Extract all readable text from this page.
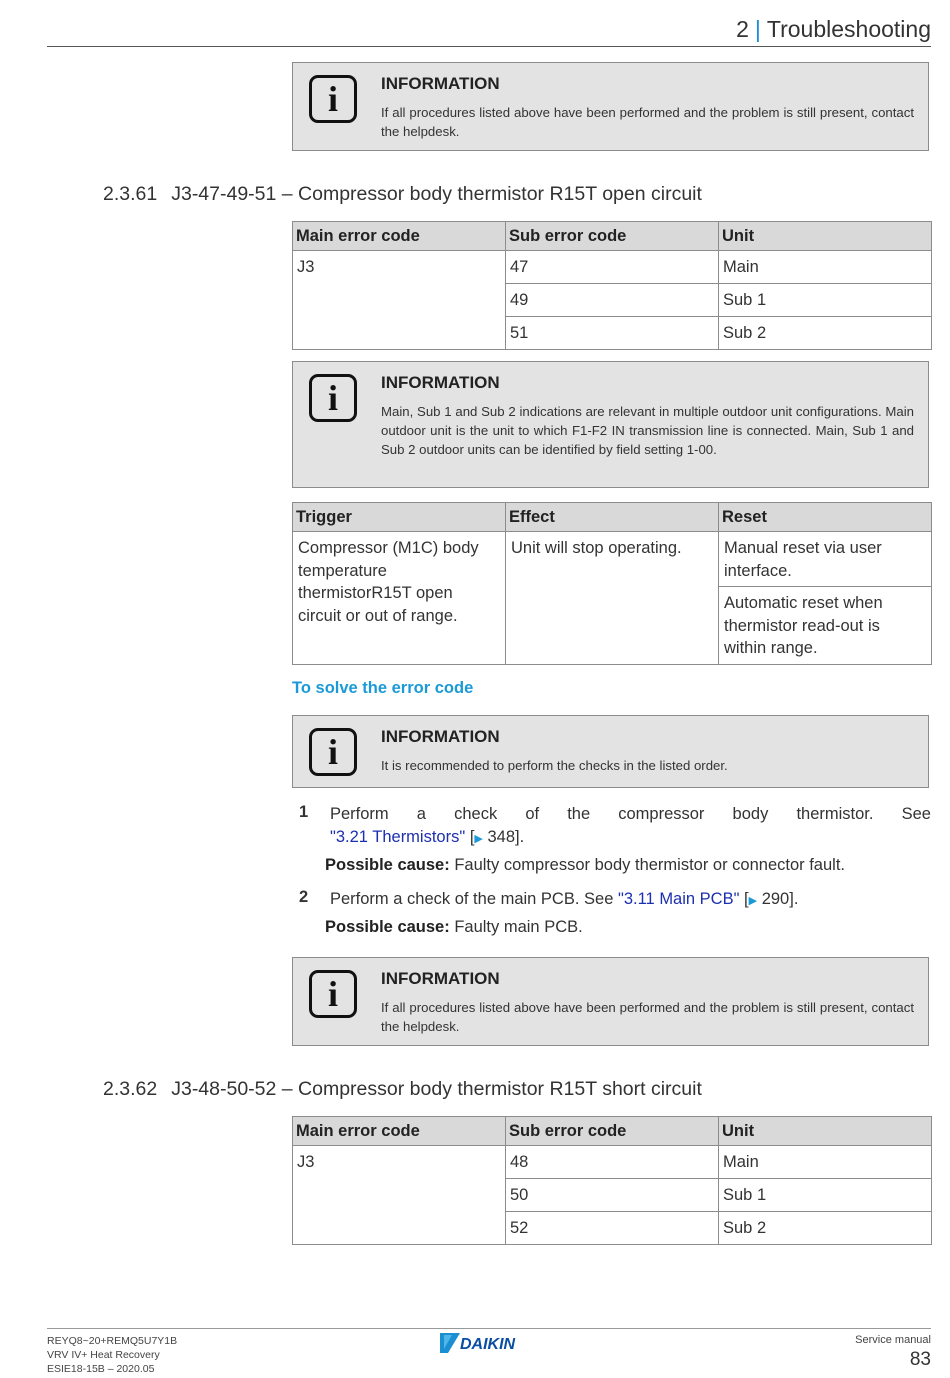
2 | Troubleshooting
i	INFORMATION
If all procedures listed above have been performed and the problem is still present, contact the helpdesk.
2.3.61 J3-47-49-51 – Compressor body thermistor R15T open circuit
Main error code	Sub error code	Unit
J3	47	Main
	49	Sub 1
	51	Sub 2
i	INFORMATION
Main, Sub 1 and Sub 2 indications are relevant in multiple outdoor unit configurations. Main outdoor unit is the unit to which F1-F2 IN transmission line is connected. Main, Sub 1 and Sub 2 outdoor units can be identified by field setting 1-00.
Trigger	Effect	Reset
Compressor (M1C) body temperature thermistorR15T open circuit or out of range.	Unit will stop operating.	Manual reset via user interface.
		Automatic reset when thermistor read-out is within range.
To solve the error code
i	INFORMATION
It is recommended to perform the checks in the listed order.
1	Perform a check of the compressor body thermistor. See
"3.21 Thermistors" [▶ 348].
Possible cause: Faulty compressor body thermistor or connector fault.
2	Perform a check of the main PCB. See "3.11 Main PCB" [▶ 290].
Possible cause: Faulty main PCB.
i	INFORMATION
If all procedures listed above have been performed and the problem is still present, contact the helpdesk.
2.3.62 J3-48-50-52 – Compressor body thermistor R15T short circuit
Main error code	Sub error code	Unit
J3	48	Main
	50	Sub 1
	52	Sub 2
REYQ8~20+REMQ5U7Y1B
VRV IV+ Heat Recovery
ESIE18-15B – 2020.05
DAIKIN	Service manual
83
